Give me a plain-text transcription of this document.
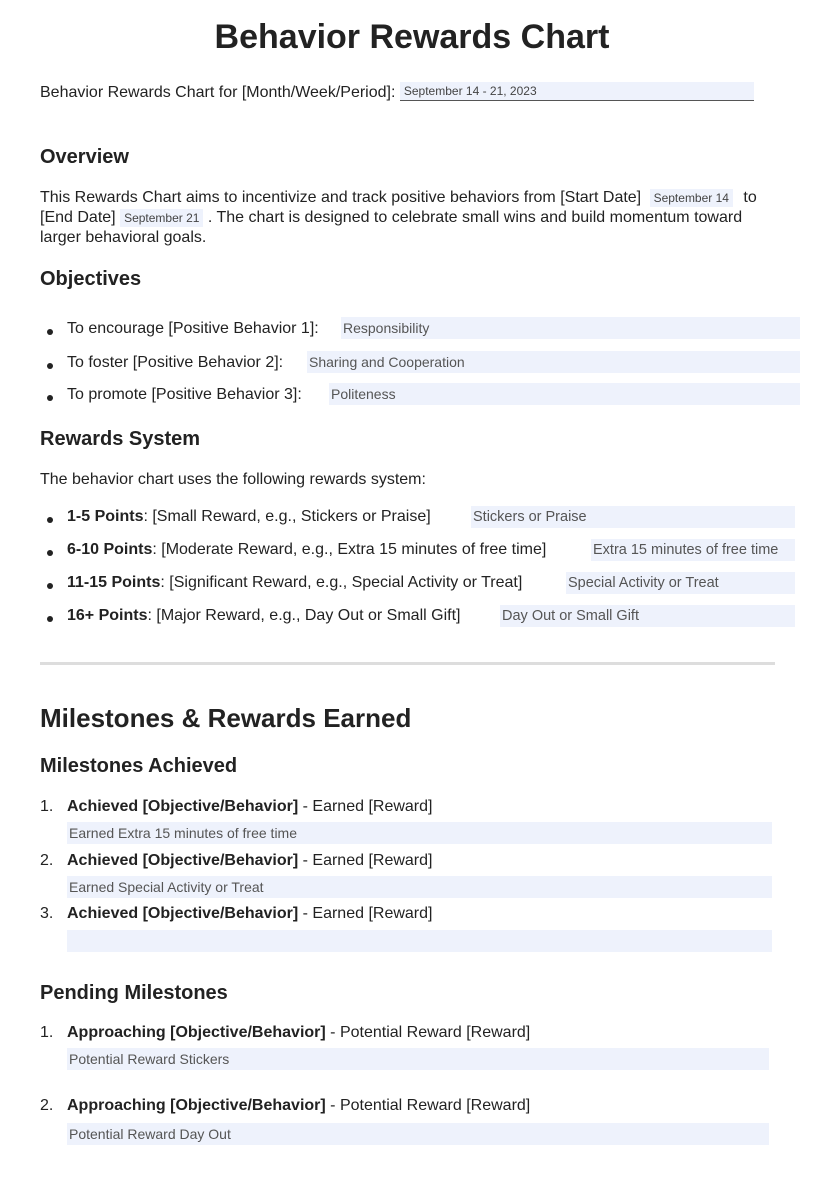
Behavior Rewards Chart
Behavior Rewards Chart for [Month/Week/Period]: September 14 - 21, 2023
Overview
This Rewards Chart aims to incentivize and track positive behaviors from [Start Date] September 14 to
[End Date] September 21 . The chart is designed to celebrate small wins and build momentum toward
larger behavioral goals.
Objectives
Rewards System
The behavior chart uses the following rewards system:
Milestones & Rewards Earned
Milestones Achieved
Pending Milestones
To encourage [Positive Behavior 1]: Responsibility
To foster [Positive Behavior 2]: Sharing and Cooperation
To promote [Positive Behavior 3]: Politeness
1-5 Points: [Small Reward, e.g., Stickers or Praise]	Stickers or Praise
6-10 Points: [Moderate Reward, e.g., Extra 15 minutes of free time]	Extra 15 minutes of free time
11-15 Points: [Significant Reward, e.g., Special Activity or Treat]	Special Activity or Treat
16+ Points: [Major Reward, e.g., Day Out or Small Gift]	Day Out or Small Gift
1. Achieved [Objective/Behavior] - Earned [Reward]
Earned Extra 15 minutes of free time
2. Achieved [Objective/Behavior] - Earned [Reward]
Earned Special Activity or Treat
3. Achieved [Objective/Behavior] - Earned [Reward]
1. Approaching [Objective/Behavior] - Potential Reward [Reward]
Potential Reward Stickers
2. Approaching [Objective/Behavior] - Potential Reward [Reward]
Potential Reward Day Out
